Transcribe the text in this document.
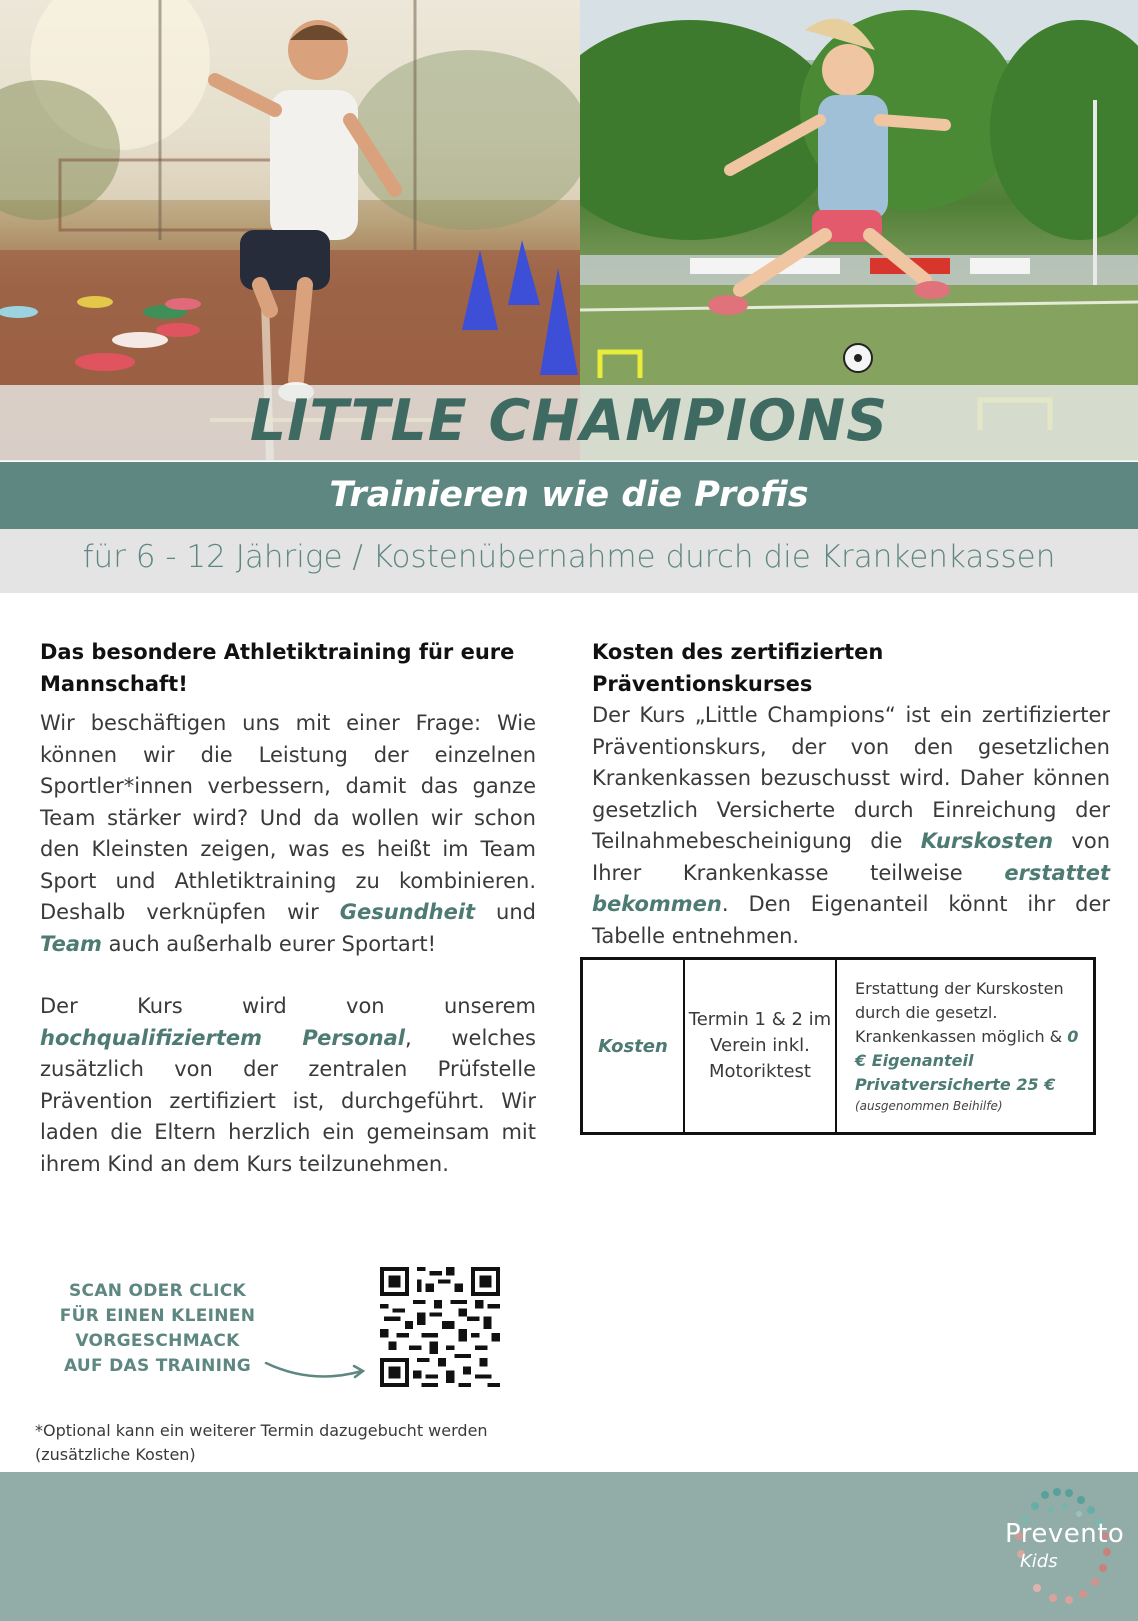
LITTLE CHAMPIONS
Trainieren wie die Profis
für 6 - 12 Jährige / Kostenübernahme durch die Krankenkassen
Das besondere Athletiktraining für eure Mannschaft!

Wir beschäftigen uns mit einer Frage: Wie können wir die Leistung der einzelnen Sportler*innen verbessern, damit das ganze Team stärker wird? Und da wollen wir schon den Kleinsten zeigen, was es heißt im Team Sport und Athletiktraining zu kombinieren. Deshalb verknüpfen wir Gesundheit und Team auch außerhalb eurer Sportart!

Der Kurs wird von unserem hochqualifiziertem Personal, welches zusätzlich von der zentralen Prüfstelle Prävention zertifiziert ist, durchgeführt. Wir laden die Eltern herzlich ein gemeinsam mit ihrem Kind an dem Kurs teilzunehmen.

Kosten des zertifizierten Präventionskurses

Der Kurs „Little Champions“ ist ein zertifizierter Präventionskurs, der von den gesetzlichen Krankenkassen bezuschusst wird. Daher können gesetzlich Versicherte durch Einreichung der Teilnahmebescheinigung die Kurskosten von Ihrer Krankenkasse teilweise erstattet bekommen. Den Eigenanteil könnt ihr der Tabelle entnehmen.

Kosten
Termin 1 & 2 im Verein inkl. Motoriktest
Erstattung der Kurskosten durch die gesetzl. Krankenkassen möglich & 0 € Eigenanteil
Privatversicherte 25 €
(ausgenommen Beihilfe)
SCAN ODER CLICK FÜR EINEN KLEINEN VORGESCHMACK AUF DAS TRAINING
*Optional kann ein weiterer Termin dazugebucht werden (zusätzliche Kosten)
Prevento
Kids
